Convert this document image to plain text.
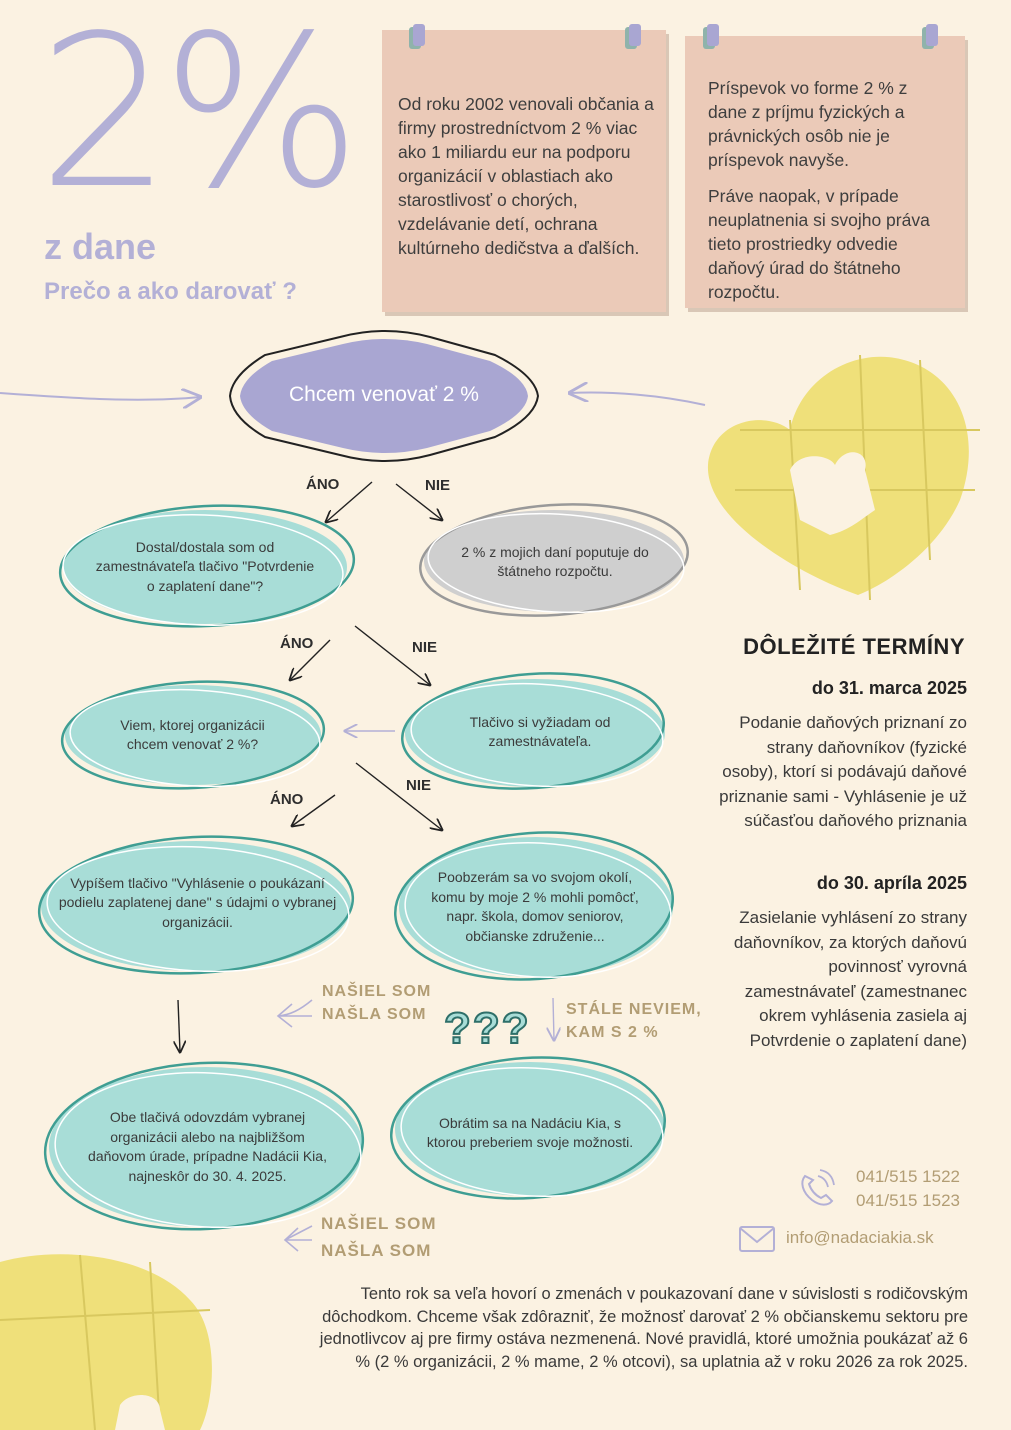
2%
z dane
Prečo a ako darovať ?

Od roku 2002 venovali občania a firmy prostredníctvom 2 % viac ako 1 miliardu eur na podporu organizácií v oblastiach ako starostlivosť o chorých, vzdelávanie detí, ochrana kultúrneho dedičstva a ďalších.

Príspevok vo forme 2 % z dane z príjmu fyzických a právnických osôb nie je príspevok navyše.

Práve naopak, v prípade neuplatnenia si svojho práva tieto prostriedky odvedie daňový úrad do štátneho rozpočtu.

???
Chcem venovať 2 %
ÁNO	NIE
ÁNO	NIE
ÁNO
NIE
Dostal/dostala som od zamestnávateľa tlačivo "Potvrdenie o zaplatení dane"?
2 % z mojich daní poputuje do štátneho rozpočtu.
Viem, ktorej organizácii chcem venovať 2 %?
Tlačivo si vyžiadam od zamestnávateľa.
Vypíšem tlačivo "Vyhlásenie o poukázaní podielu zaplatenej dane" s údajmi o vybranej organizácii.
Poobzerám sa vo svojom okolí, komu by moje 2 % mohli pomôcť, napr. škola, domov seniorov, občianske združenie...
Obe tlačivá odovzdám vybranej organizácii alebo na najbližšom daňovom úrade, prípadne Nadácii Kia, najneskôr do 30. 4. 2025.
Obrátim sa na Nadáciu Kia, s ktorou preberiem svoje možnosti.
NAŠIEL SOM
NAŠLA SOM	STÁLE NEVIEM,
KAM S 2 %
NAŠIEL SOM
NAŠLA SOM
DÔLEŽITÉ TERMÍNY
do 31. marca 2025
Podanie daňových priznaní zo strany daňovníkov (fyzické osoby), ktorí si podávajú daňové priznanie sami - Vyhlásenie je už súčasťou daňového priznania
do 30. apríla 2025
Zasielanie vyhlásení zo strany daňovníkov, za ktorých daňovú povinnosť vyrovná zamestnávateľ (zamestnanec okrem vyhlásenia zasiela aj Potvrdenie o zaplatení dane)
041/515 1522
041/515 1523
info@nadaciakia.sk
Tento rok sa veľa hovorí o zmenách v poukazovaní dane v súvislosti s rodičovským dôchodkom. Chceme však zdôrazniť, že možnosť darovať 2 % občianskemu sektoru pre jednotlivcov aj pre firmy ostáva nezmenená. Nové pravidlá, ktoré umožnia poukázať až 6 % (2 % organizácii, 2 % mame, 2 % otcovi), sa uplatnia až v roku 2026 za rok 2025.
